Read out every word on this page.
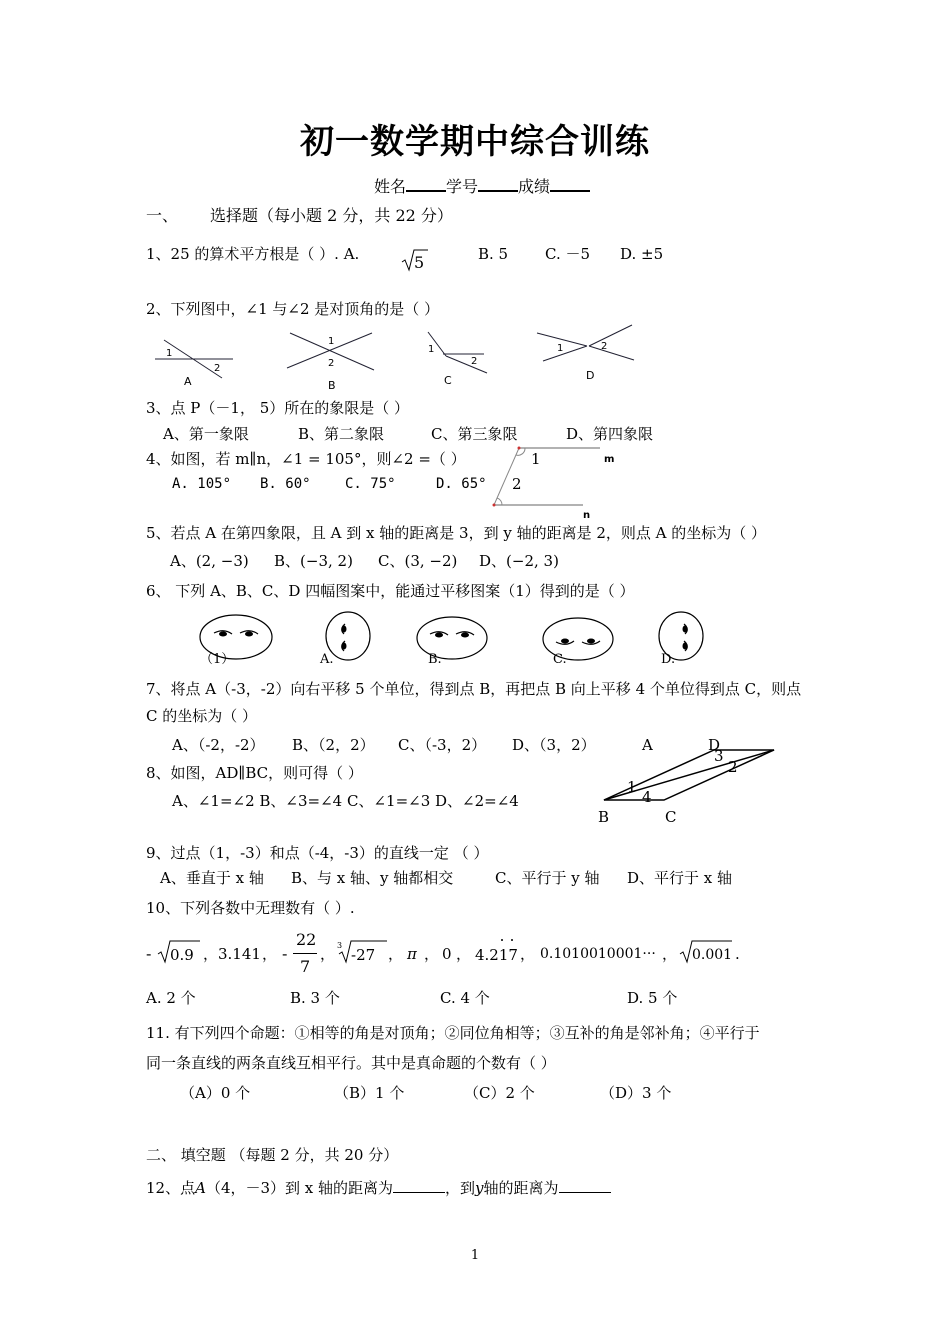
初一数学期中综合训练
姓名	学号	成绩
一、 选择题（每小题 2 分，共 22 分）
1、25 的算术平方根是（ ）. A.	5	B. 5 C. －5 D. ±5
2、下列图中，∠1 与∠2 是对顶角的是（ ）
1
2
A
1
2
B
1
2
C
1	2
D
3、点 P（－1， 5）所在的象限是（ ）
A、第一象限	B、第二象限	C、第三象限	D、第四象限
4、如图，若 m∥n，∠1 = 105°，则∠2 =（ ）
A. 105° B. 60° C. 75°	D. 65°
1
2
m
n
5、若点 A 在第四象限，且 A 到 x 轴的距离是 3，到 y 轴的距离是 2，则点 A 的坐标为（ ）
A、(2, −3) B、(−3, 2) C、(3, −2) D、(−2, 3)
6、 下列 A、B、C、D 四幅图案中，能通过平移图案（1）得到的是（ ）
（1）	A.	B.	C.	D.
7、将点 A（-3，-2）向右平移 5 个单位，得到点 B，再把点 B 向上平移 4 个单位得到点 C，则点
C 的坐标为（ ）
A、（-2，-2） B、（2，2） C、（-3，2） D、（3，2）
8、如图，AD∥BC，则可得（ ）
A、∠1=∠2 B、∠3=∠4 C、∠1=∠3 D、∠2=∠4
A	D
B	C
1
2
3
4
9、过点（1，-3）和点（-4，-3）的直线一定 （ ）
A、垂直于 x 轴 B、与 x 轴、y 轴都相交	C、平行于 y 轴 D、平行于 x 轴
10、下列各数中无理数有（ ）.
- 0.9 ， 3.141 ， -
22
7
， 3
-27 ， π ， 0 ， 4.217 ， 0.1010010001··· ， 0.001 .
A. 2 个	B. 3 个	C. 4 个	D. 5 个
11. 有下列四个命题：①相等的角是对顶角；②同位角相等；③互补的角是邻补角；④平行于
同一条直线的两条直线互相平行。其中是真命题的个数有（ ）
（A）0 个	（B）1 个	（C）2 个	（D）3 个
二、 填空题 （每题 2 分，共 20 分）
12、点A（4，－3）到 x 轴的距离为	，到y轴的距离为
1
